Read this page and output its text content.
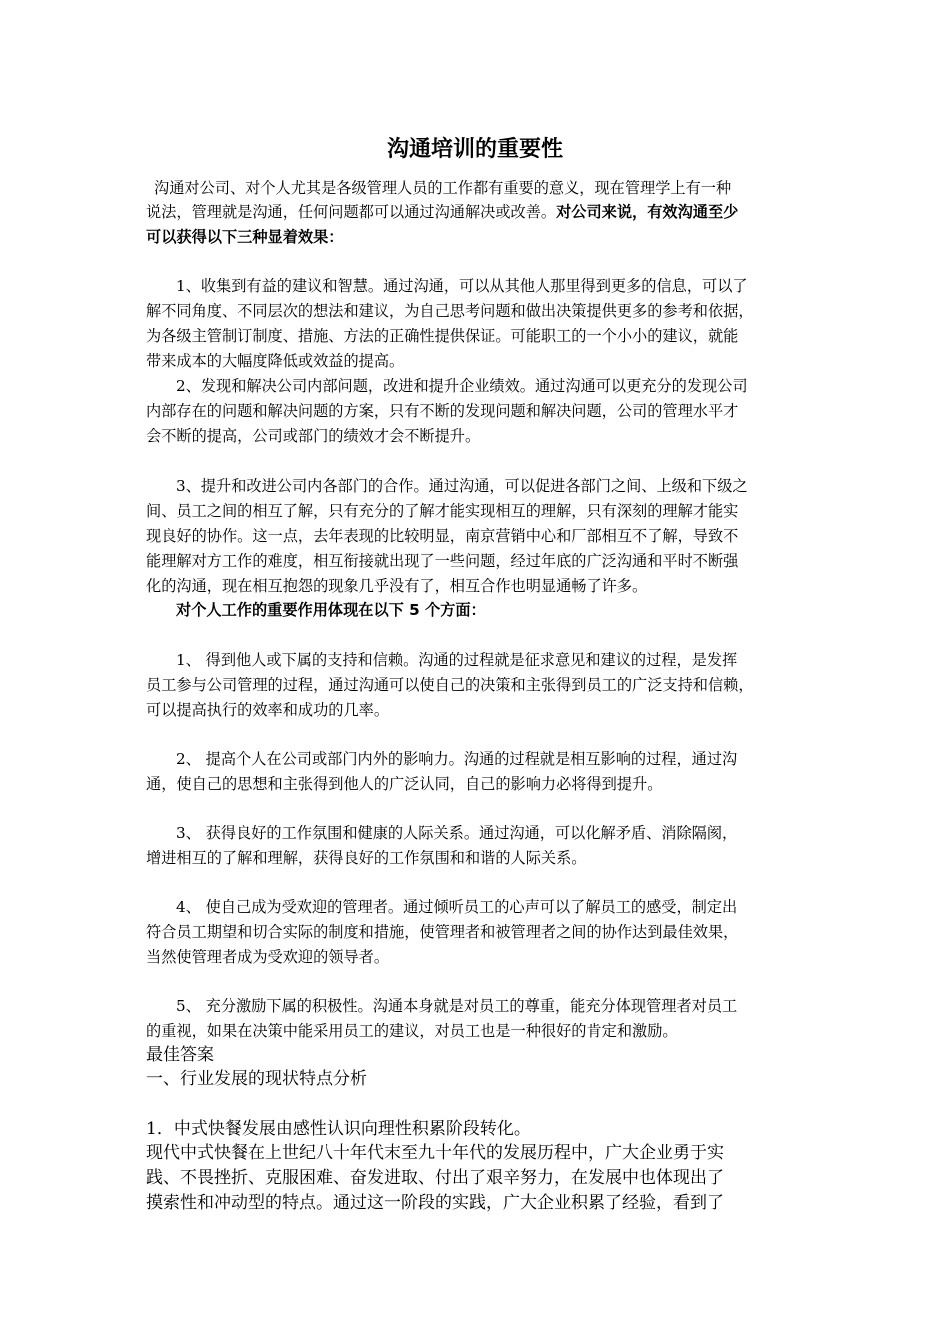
沟通培训的重要性

沟通对公司、对个人尤其是各级管理人员的工作都有重要的意义，现在管理学上有一种

说法，管理就是沟通，任何问题都可以通过沟通解决或改善。对公司来说，有效沟通至少

可以获得以下三种显着效果：

1、收集到有益的建议和智慧。通过沟通，可以从其他人那里得到更多的信息，可以了

解不同角度、不同层次的想法和建议，为自己思考问题和做出决策提供更多的参考和依据，

为各级主管制订制度、措施、方法的正确性提供保证。可能职工的一个小小的建议，就能

带来成本的大幅度降低或效益的提高。

2、发现和解决公司内部问题，改进和提升企业绩效。通过沟通可以更充分的发现公司

内部存在的问题和解决问题的方案，只有不断的发现问题和解决问题，公司的管理水平才

会不断的提高，公司或部门的绩效才会不断提升。

3、提升和改进公司内各部门的合作。通过沟通，可以促进各部门之间、上级和下级之

间、员工之间的相互了解，只有充分的了解才能实现相互的理解，只有深刻的理解才能实

现良好的协作。这一点，去年表现的比较明显，南京营销中心和厂部相互不了解，导致不

能理解对方工作的难度，相互衔接就出现了一些问题，经过年底的广泛沟通和平时不断强

化的沟通，现在相互抱怨的现象几乎没有了，相互合作也明显通畅了许多。

对个人工作的重要作用体现在以下 5 个方面：

1、 得到他人或下属的支持和信赖。沟通的过程就是征求意见和建议的过程，是发挥

员工参与公司管理的过程，通过沟通可以使自己的决策和主张得到员工的广泛支持和信赖，

可以提高执行的效率和成功的几率。

2、 提高个人在公司或部门内外的影响力。沟通的过程就是相互影响的过程，通过沟

通，使自己的思想和主张得到他人的广泛认同，自己的影响力必将得到提升。

3、 获得良好的工作氛围和健康的人际关系。通过沟通，可以化解矛盾、消除隔阂，

增进相互的了解和理解，获得良好的工作氛围和和谐的人际关系。

4、 使自己成为受欢迎的管理者。通过倾听员工的心声可以了解员工的感受，制定出

符合员工期望和切合实际的制度和措施，使管理者和被管理者之间的协作达到最佳效果，

当然使管理者成为受欢迎的领导者。

5、 充分激励下属的积极性。沟通本身就是对员工的尊重，能充分体现管理者对员工

的重视，如果在决策中能采用员工的建议，对员工也是一种很好的肯定和激励。

最佳答案

一、行业发展的现状特点分析

1．中式快餐发展由感性认识向理性积累阶段转化。

现代中式快餐在上世纪八十年代末至九十年代的发展历程中，广大企业勇于实

践、不畏挫折、克服困难、奋发进取、付出了艰辛努力，在发展中也体现出了

摸索性和冲动型的特点。通过这一阶段的实践，广大企业积累了经验，看到了
